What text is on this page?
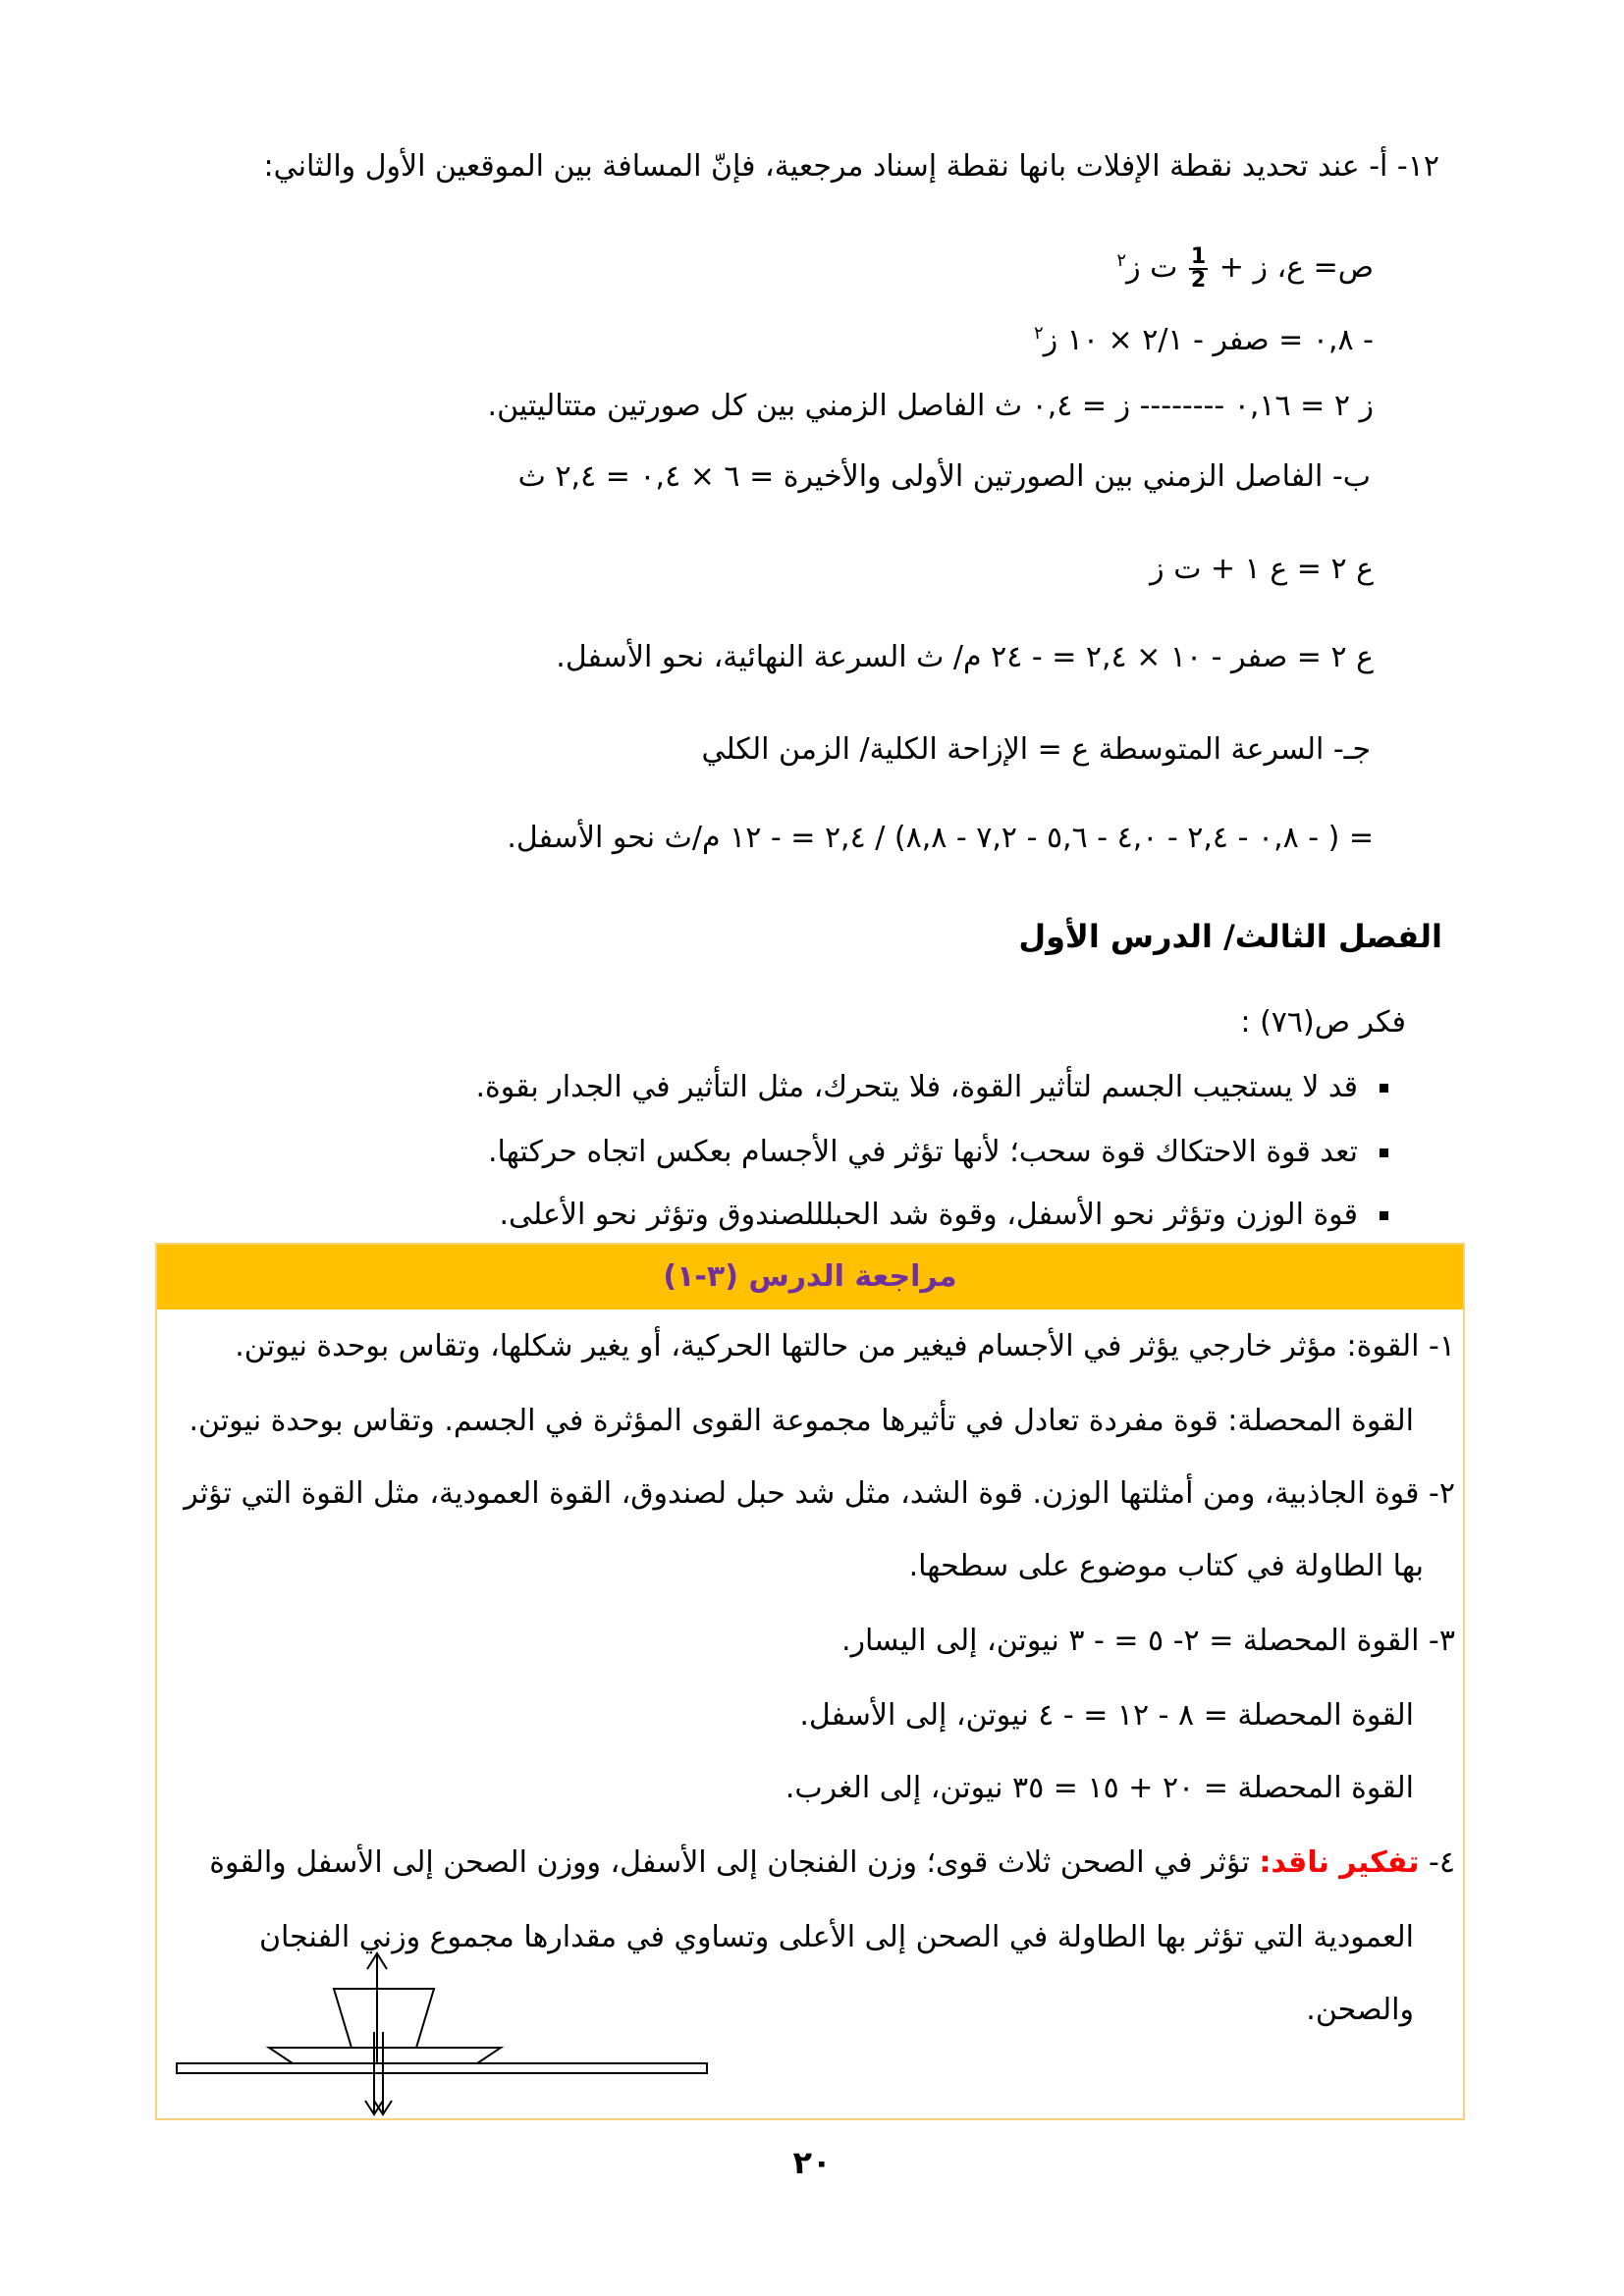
١٢- أ- عند تحديد نقطة الإفلات بانها نقطة إسناد مرجعية، فإنّ المسافة بين الموقعين الأول والثاني:
ص= ع، ز +
$\frac{1}{2}$
ت ز$^٢$
- ٠,٨ = صفر - ٢/١ × ١٠ ز$^٢$
ز ٢ = ٠,١٦ -------- ز = ٠,٤ ث الفاصل الزمني بين كل صورتين متتاليتين.
ب- الفاصل الزمني بين الصورتين الأولى والأخيرة = ٦ × ٠,٤ = ٢,٤ ث
ع ٢ = ع ١ + ت ز
ع ٢ = صفر - ١٠ × ٢,٤ = - ٢٤ م/ ث السرعة النهائية، نحو الأسفل.
جـ- السرعة المتوسطة ع = الإزاحة الكلية/ الزمن الكلي
= ( - ٠,٨ - ٢,٤ - ٤,٠ - ٥,٦ - ٧,٢ - ٨,٨) / ٢,٤ = - ١٢ م/ث نحو الأسفل.
الفصل الثالث/ الدرس الأول
فكر ص(٧٦) :
قد لا يستجيب الجسم لتأثير القوة، فلا يتحرك، مثل التأثير في الجدار بقوة.
تعد قوة الاحتكاك قوة سحب؛ لأنها تؤثر في الأجسام بعكس اتجاه حركتها.
قوة الوزن وتؤثر نحو الأسفل، وقوة شد الحبلللصندوق وتؤثر نحو الأعلى.
مراجعة الدرس (٣-١)
١- القوة: مؤثر خارجي يؤثر في الأجسام فيغير من حالتها الحركية، أو يغير شكلها، وتقاس بوحدة نيوتن.
القوة المحصلة: قوة مفردة تعادل في تأثيرها مجموعة القوى المؤثرة في الجسم. وتقاس بوحدة نيوتن.
٢- قوة الجاذبية، ومن أمثلتها الوزن. قوة الشد، مثل شد حبل لصندوق، القوة العمودية، مثل القوة التي تؤثر
بها الطاولة في كتاب موضوع على سطحها.
٣- القوة المحصلة = ٢- ٥ = - ٣ نيوتن، إلى اليسار.
القوة المحصلة = ٨ - ١٢ = - ٤ نيوتن، إلى الأسفل.
القوة المحصلة = ٢٠ + ١٥ = ٣٥ نيوتن، إلى الغرب.
٤- تفكير ناقد: تؤثر في الصحن ثلاث قوى؛ وزن الفنجان إلى الأسفل، ووزن الصحن إلى الأسفل والقوة
العمودية التي تؤثر بها الطاولة في الصحن إلى الأعلى وتساوي في مقدارها مجموع وزني الفنجان
والصحن.
٢٠
